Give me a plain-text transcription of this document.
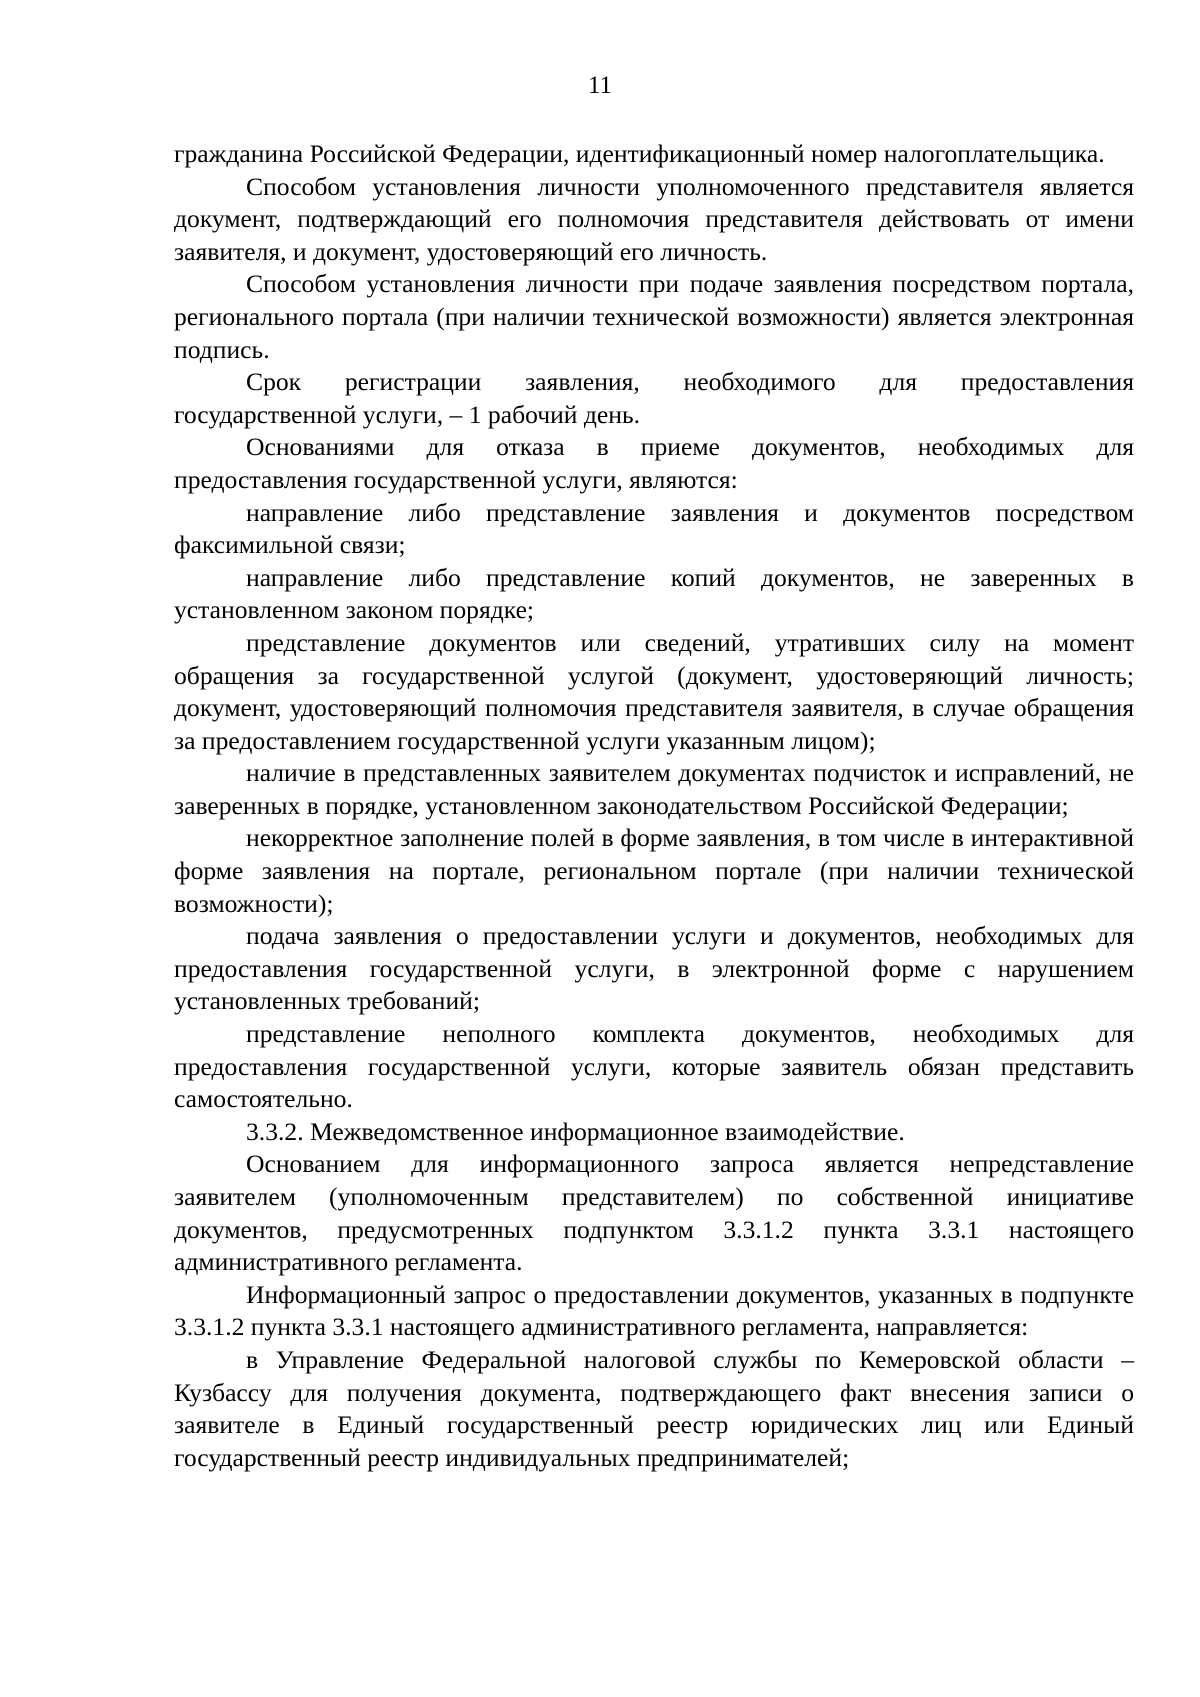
11

гражданина Российской Федерации, идентификационный номер налогоплательщика.

Способом установления личности уполномоченного представителя является документ, подтверждающий его полномочия представителя действовать от имени заявителя, и документ, удостоверяющий его личность.

Способом установления личности при подаче заявления посредством портала, регионального портала (при наличии технической возможности) является электронная подпись.

Срок регистрации заявления, необходимого для предоставления государственной услуги, – 1 рабочий день.

Основаниями для отказа в приеме документов, необходимых для предоставления государственной услуги, являются:

направление либо представление заявления и документов посредством факсимильной связи;

направление либо представление копий документов, не заверенных в установленном законом порядке;

представление документов или сведений, утративших силу на момент обращения за государственной услугой (документ, удостоверяющий личность; документ, удостоверяющий полномочия представителя заявителя, в случае обращения за предоставлением государственной услуги указанным лицом);

наличие в представленных заявителем документах подчисток и исправлений, не заверенных в порядке, установленном законодательством Российской Федерации;

некорректное заполнение полей в форме заявления, в том числе в интерактивной форме заявления на портале, региональном портале (при наличии технической возможности);

подача заявления о предоставлении услуги и документов, необходимых для предоставления государственной услуги, в электронной форме с нарушением установленных требований;

представление неполного комплекта документов, необходимых для предоставления государственной услуги, которые заявитель обязан представить самостоятельно.

3.3.2. Межведомственное информационное взаимодействие.

Основанием для информационного запроса является непредставление заявителем (уполномоченным представителем) по собственной инициативе документов, предусмотренных подпунктом 3.3.1.2 пункта 3.3.1 настоящего административного регламента.

Информационный запрос о предоставлении документов, указанных в подпункте 3.3.1.2 пункта 3.3.1 настоящего административного регламента, направляется:

в Управление Федеральной налоговой службы по Кемеровской области – Кузбассу для получения документа, подтверждающего факт внесения записи о заявителе в Единый государственный реестр юридических лиц или Единый государственный реестр индивидуальных предпринимателей;
